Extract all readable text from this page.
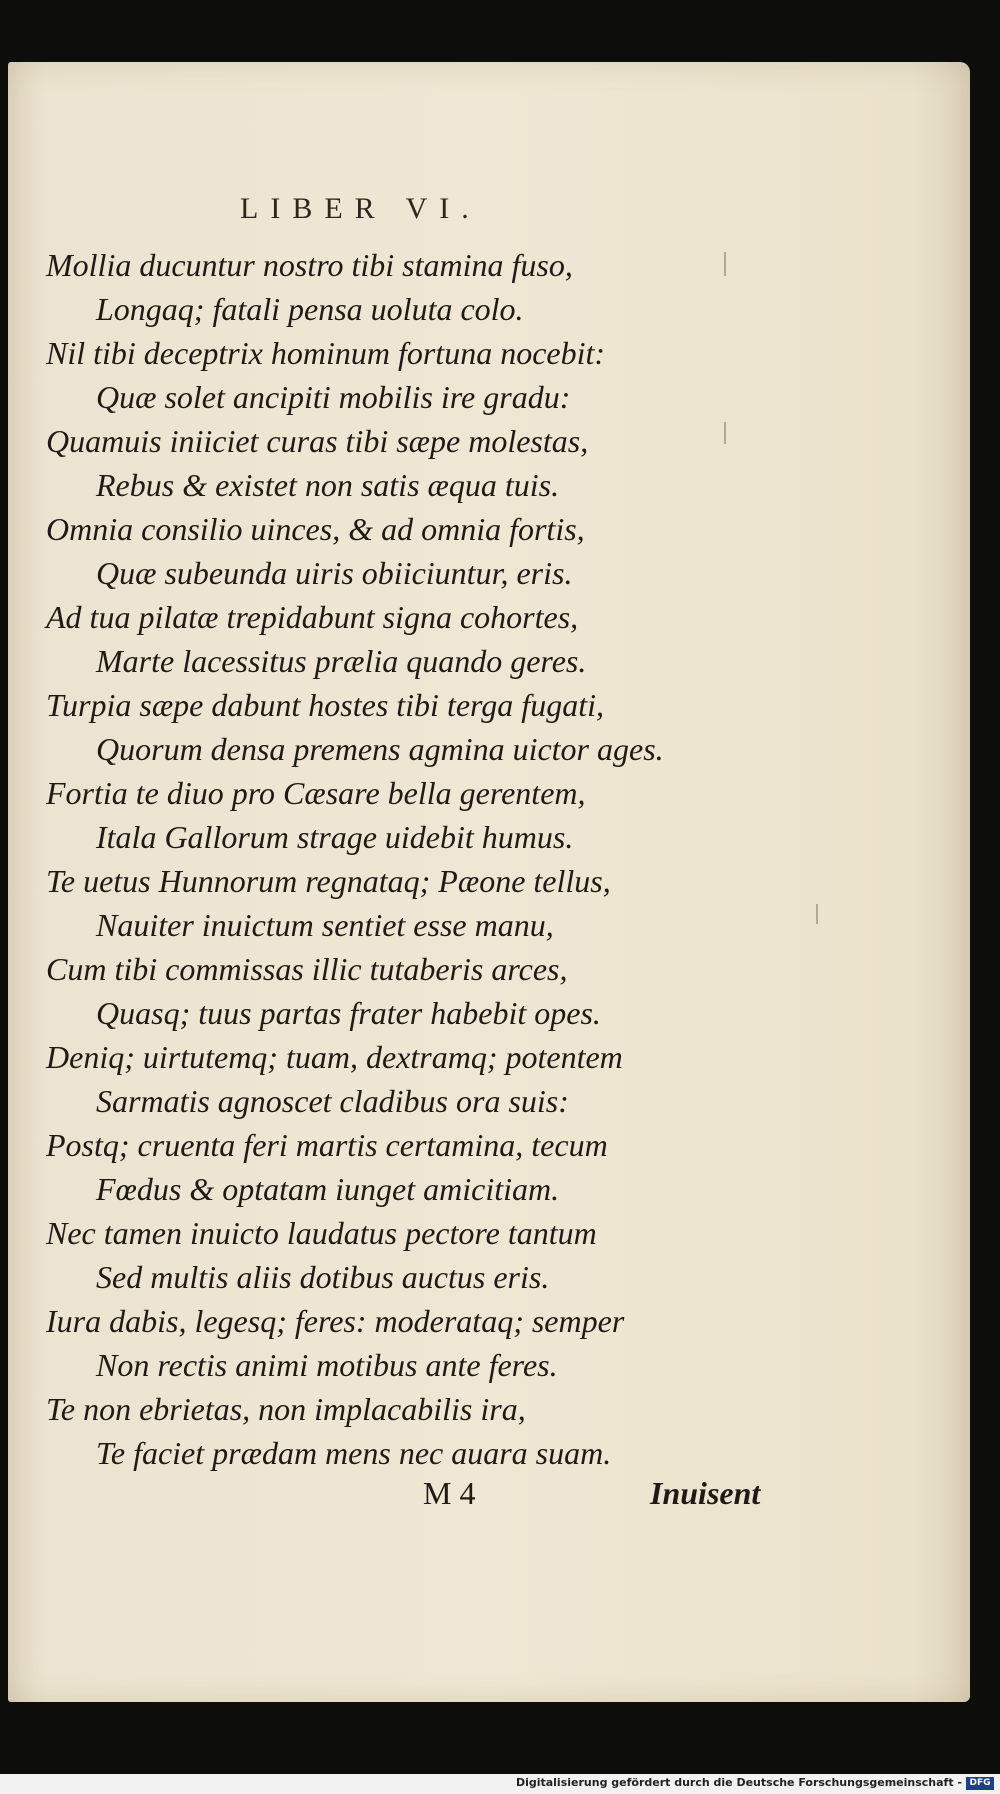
LIBER VI.
Mollia ducuntur nostro tibi stamina fuso,
Longaq; fatali pensa uoluta colo.
Nil tibi deceptrix hominum fortuna nocebit:
Quæ solet ancipiti mobilis ire gradu:
Quamuis iniiciet curas tibi sæpe molestas,
Rebus & existet non satis æqua tuis.
Omnia consilio uinces, & ad omnia fortis,
Quæ subeunda uiris obiiciuntur, eris.
Ad tua pilatæ trepidabunt signa cohortes,
Marte lacessitus prælia quando geres.
Turpia sæpe dabunt hostes tibi terga fugati,
Quorum densa premens agmina uictor ages.
Fortia te diuo pro Cæsare bella gerentem,
Itala Gallorum strage uidebit humus.
Te uetus Hunnorum regnataq; Pæone tellus,
Nauiter inuictum sentiet esse manu,
Cum tibi commissas illic tutaberis arces,
Quasq; tuus partas frater habebit opes.
Deniq; uirtutemq; tuam, dextramq; potentem
Sarmatis agnoscet cladibus ora suis:
Postq; cruenta feri martis certamina, tecum
Fœdus & optatam iunget amicitiam.
Nec tamen inuicto laudatus pectore tantum
Sed multis aliis dotibus auctus eris.
Iura dabis, legesq; feres: moderataq; semper
Non rectis animi motibus ante feres.
Te non ebrietas, non implacabilis ira,
Te faciet prædam mens nec auara suam.
M 4	Inuisent
Digitalisierung gefördert durch die Deutsche Forschungsgemeinschaft - DFG
